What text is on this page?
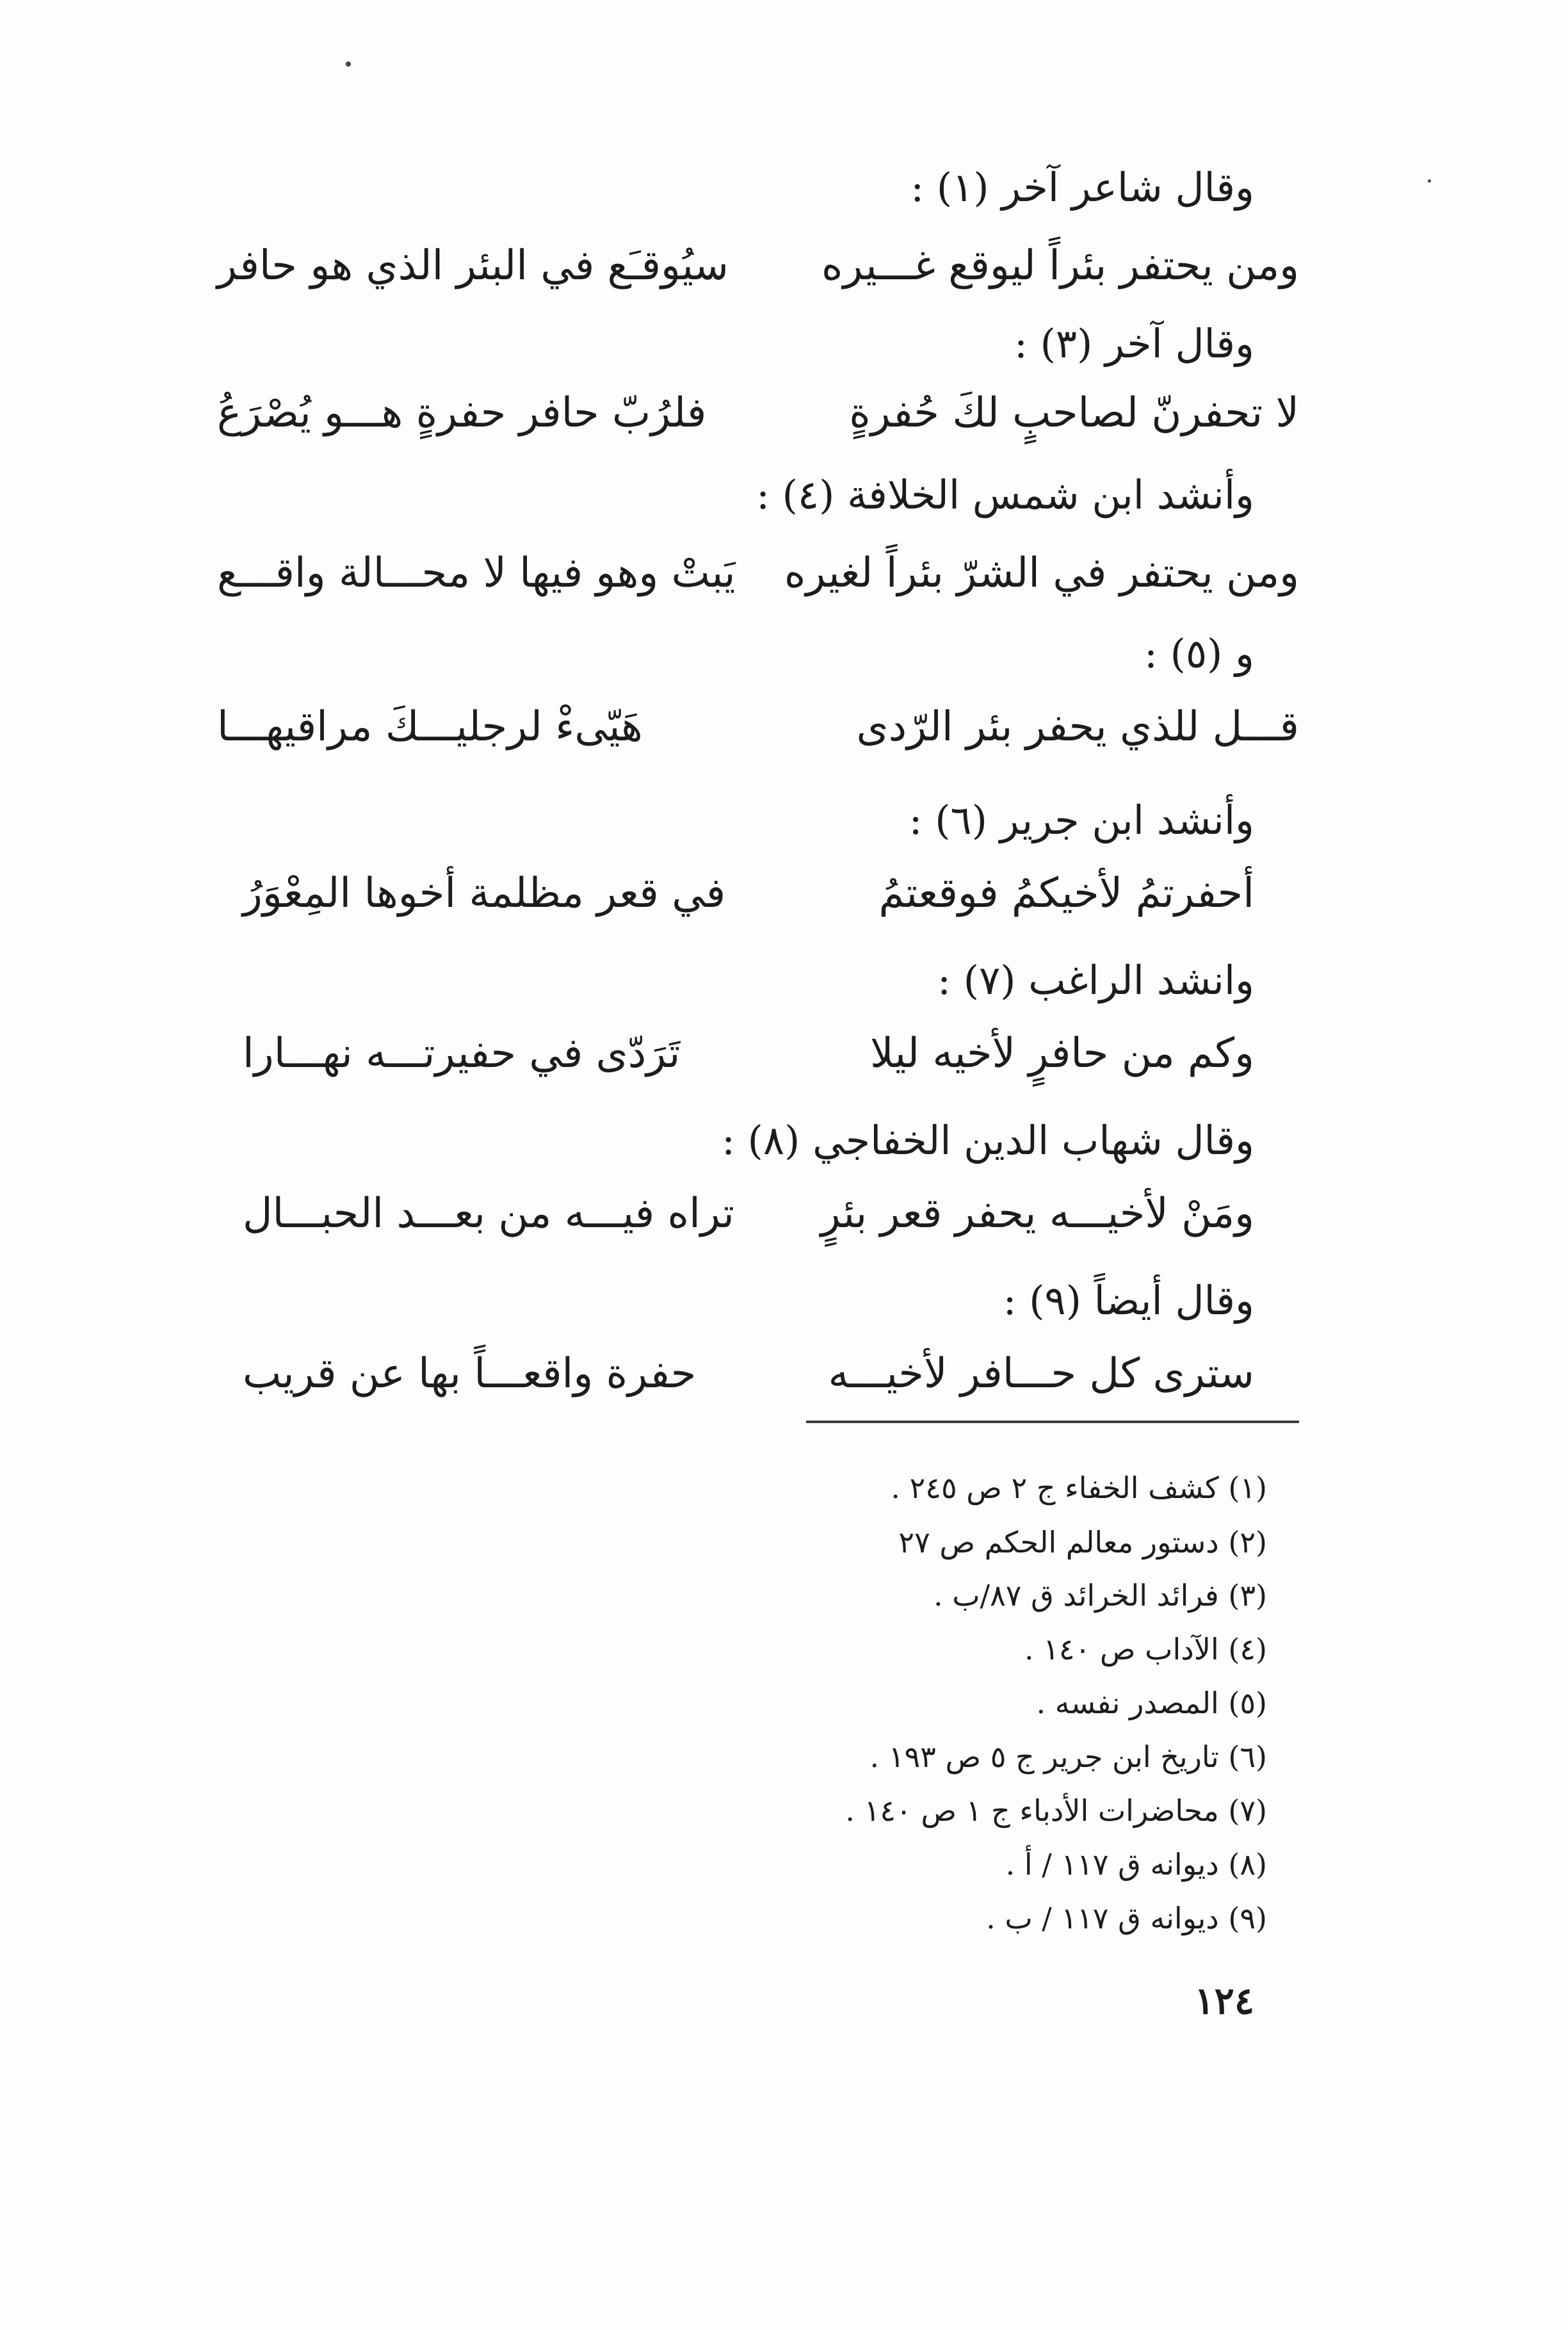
وقال شاعر آخر (١) :
ومن يحتفر بئراً ليوقع غـــيره
سيُوقـَع في البئر الذي هو حافر
وقال آخر (٣) :
لا تحفرنّ لصاحبٍ لكَ حُفرةٍ
فلرُبّ حافر حفرةٍ هـــو يُصْرَعُ
وأنشد ابن شمس الخلافة (٤) :
ومن يحتفر في الشرّ بئراً لغيره
يَبتْ وهو فيها لا محـــالة واقـــع
و (٥) :
قـــل للذي يحفر بئر الرّدى
هَيّىءْ لرجليـــكَ مراقيهـــا
وأنشد ابن جرير (٦) :
أحفرتمُ لأخيكمُ فوقعتمُ
في قعر مظلمة أخوها المِعْوَرُ
وانشد الراغب (٧) :
وكم من حافرٍ لأخيه ليلا
تَرَدّى في حفيرتـــه نهـــارا
وقال شهاب الدين الخفاجي (٨) :
ومَنْ لأخيـــه يحفر قعر بئرٍ
تراه فيـــه من بعـــد الحبـــال
وقال أيضاً (٩) :
سترى كل حـــافر لأخيـــه
حفرة واقعـــاً بها عن قريب
(١) كشف الخفاء ج ٢ ص ٢٤٥ .
(٢) دستور معالم الحكم ص ٢٧
(٣) فرائد الخرائد ق ٨٧/ب .
(٤) الآداب ص ١٤٠ .
(٥) المصدر نفسه .
(٦) تاريخ ابن جرير ج ٥ ص ١٩٣ .
(٧) محاضرات الأدباء ج ١ ص ١٤٠ .
(٨) ديوانه ق ١١٧ / أ .
(٩) ديوانه ق ١١٧ / ب .
١٢٤
